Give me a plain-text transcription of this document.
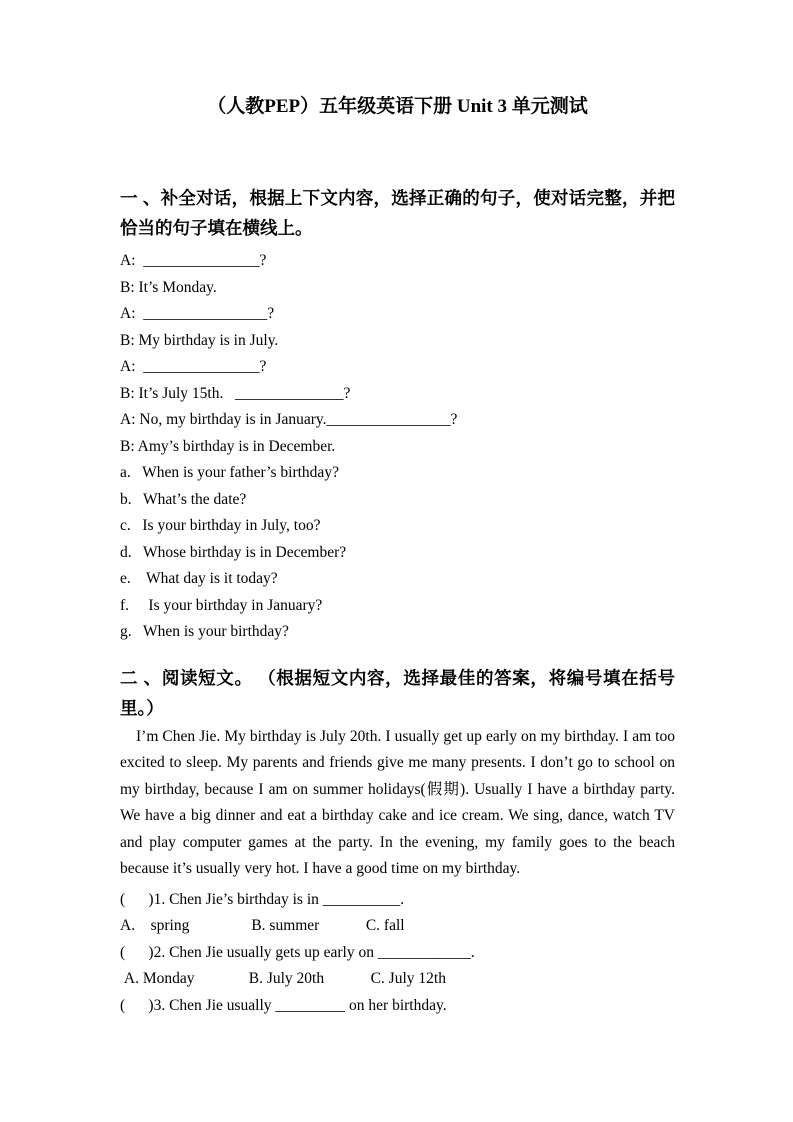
（人教PEP）五年级英语下册 Unit 3 单元测试
一 、补全对话，根据上下文内容，选择正确的句子，使对话完整，并把恰当的句子填在横线上。
A:  _______________?
B: It’s Monday.
A:  ________________?
B: My birthday is in July.
A:  _______________?
B: It’s July 15th.   ______________?
A: No, my birthday is in January.________________?
B: Amy’s birthday is in December.
a.   When is your father’s birthday?
b.   What’s the date?
c.   Is your birthday in July, too?
d.   Whose birthday is in December?
e.    What day is it today?
f.     Is your birthday in January?
g.   When is your birthday?
二 、阅读短文。 （根据短文内容，选择最佳的答案，将编号填在括号里。）

I’m Chen Jie. My birthday is July 20th. I usually get up early on my birthday. I am too excited to sleep. My parents and friends give me many presents. I don’t go to school on my birthday, because I am on summer holidays(假期). Usually I have a birthday party. We have a big dinner and eat a birthday cake and ice cream. We sing, dance, watch TV and play computer games at the party. In the evening, my family goes to the beach because it’s usually very hot. I have a good time on my birthday.

(      )1. Chen Jie’s birthday is in __________.
A.    spring                B. summer            C. fall
(      )2. Chen Jie usually gets up early on ____________.
A. Monday              B. July 20th            C. July 12th
(      )3. Chen Jie usually _________ on her birthday.
